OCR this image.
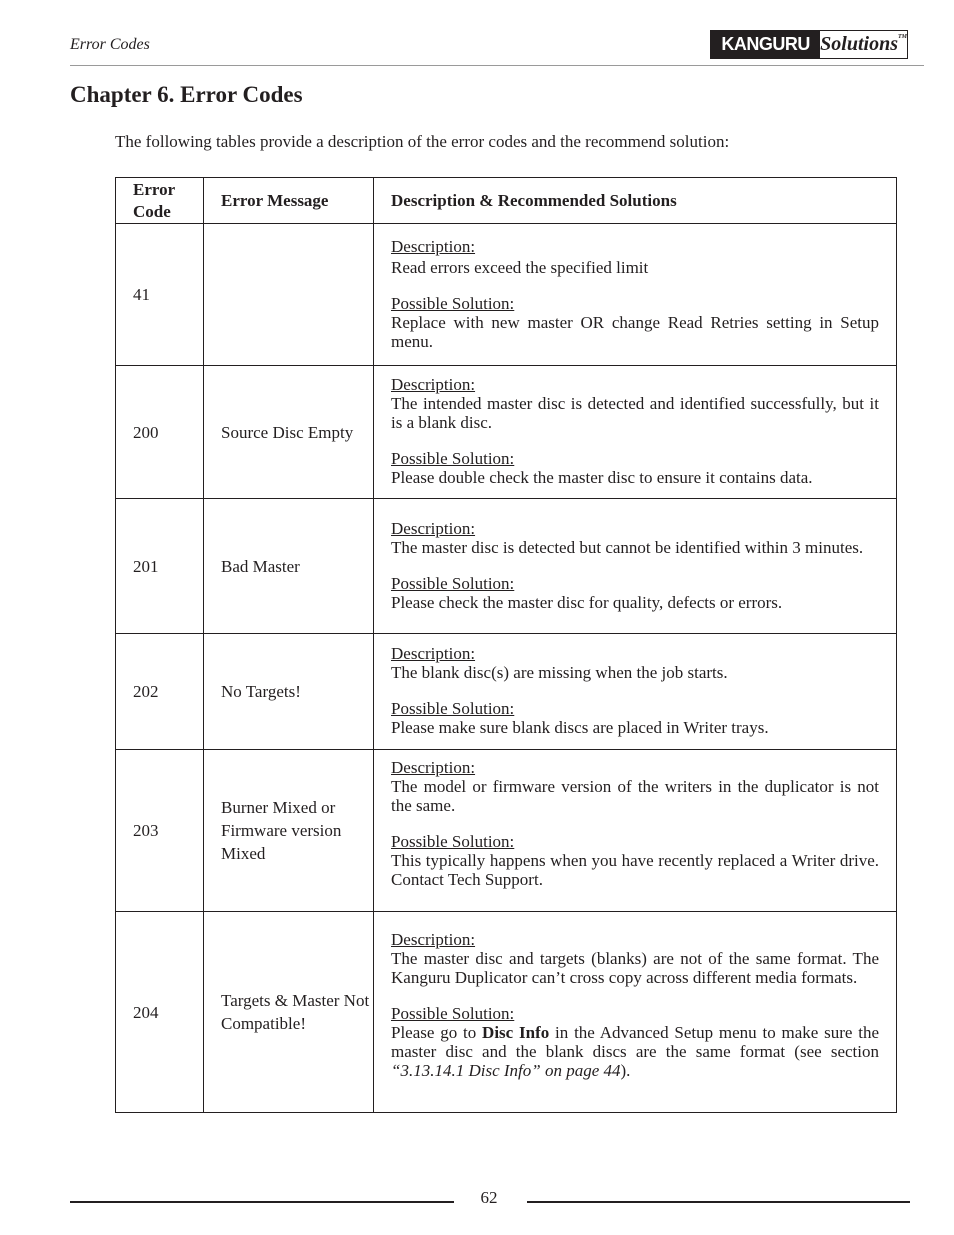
Error Codes	KANGURU Solutions TM
Chapter 6. Error Codes

The following tables provide a description of the error codes and the recommend solution:

Error Code	Error Message	Description & Recommended Solutions
41		Description:
Read errors exceed the specified limit
Possible Solution:
Replace with new master OR change Read Retries setting in Setup menu.

200	Source Disc Empty	Description:
The intended master disc is detected and identified successfully, but it is a blank disc.
Possible Solution:
Please double check the master disc to ensure it contains data.

201	Bad Master	Description:
The master disc is detected but cannot be identified within 3 minutes.
Possible Solution:
Please check the master disc for quality, defects or errors.

202	No Targets!	Description:
The blank disc(s) are missing when the job starts.
Possible Solution:
Please make sure blank discs are placed in Writer trays.

203	Burner Mixed or Firmware version Mixed	Description:
The model or firmware version of the writers in the duplicator is not the same.
Possible Solution:
This typically happens when you have recently replaced a Writer drive. Contact Tech Support.

204	Targets & Master Not Compatible!	Description:
The master disc and targets (blanks) are not of the same format. The Kanguru Duplicator can’t cross copy across different media formats.
Possible Solution:
Please go to Disc Info in the Advanced Setup menu to make sure the master disc and the blank discs are the same format (see section “3.13.14.1 Disc Info” on page 44).
62
